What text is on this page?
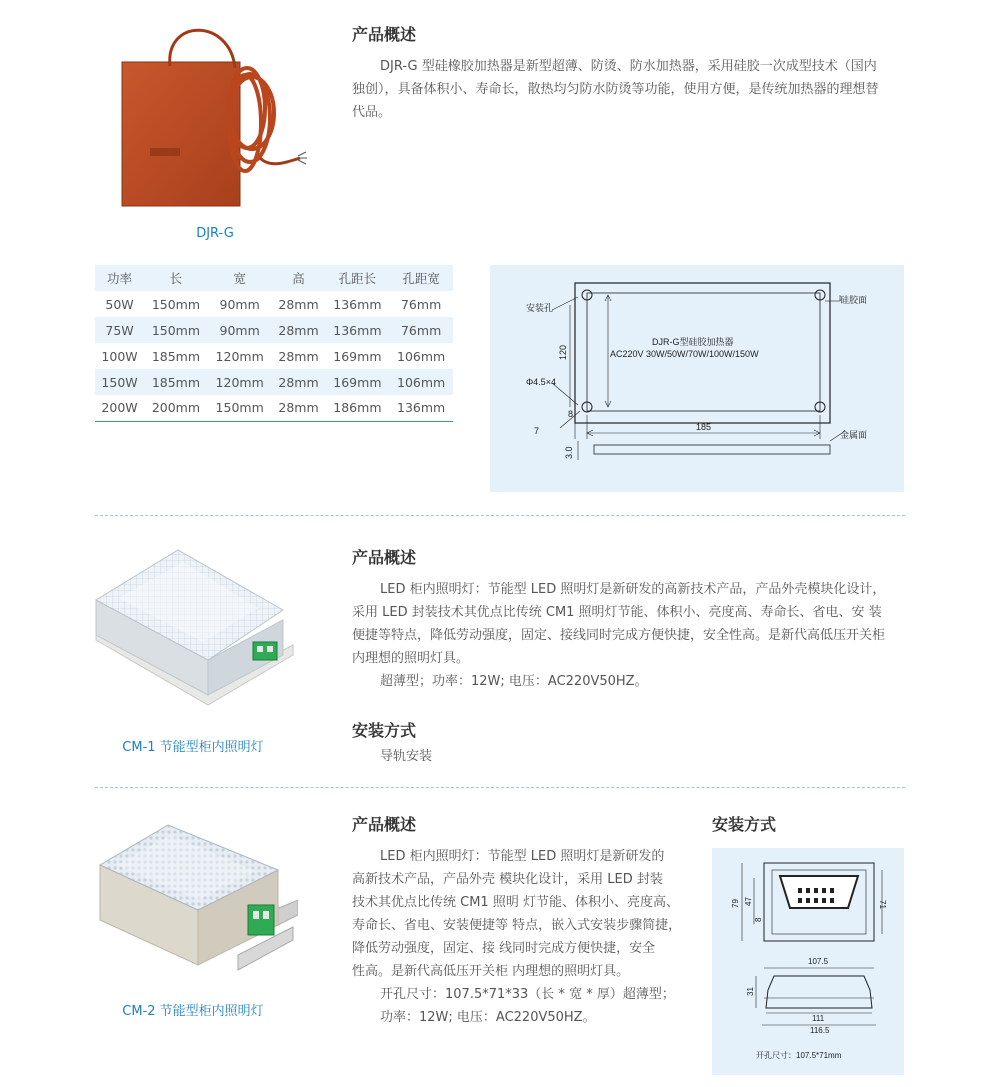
DJR-G
产品概述
DJR-G 型硅橡胶加热器是新型超薄、防烫、防水加热器，采用硅胶一次成型技术（国内
独创），具备体积小、寿命长，散热均匀防水防烫等功能，使用方便，是传统加热器的理想替
代品。
功率	长	宽	高	孔距长	孔距宽
50W	150mm	90mm	28mm	136mm	76mm
75W	150mm	90mm	28mm	136mm	76mm
100W	185mm	120mm	28mm	169mm	106mm
150W	185mm	120mm	28mm	169mm	106mm
200W	200mm	150mm	28mm	186mm	136mm
安装孔
硅胶面
金属面
DJR-G型硅胶加热器
AC220V 30W/50W/70W/100W/150W
Φ4.5×4
120
185
8
7
3.0
CM-1 节能型柜内照明灯
产品概述
LED 柜内照明灯：节能型 LED 照明灯是新研发的高新技术产品，产品外壳模块化设计，
采用 LED 封装技术其优点比传统 CM1 照明灯节能、体积小、亮度高、寿命长、省电、安 装
便捷等特点，降低劳动强度，固定、接线同时完成方便快捷，安全性高。是新代高低压开关柜
内理想的照明灯具。
超薄型；功率：12W; 电压：AC220V50HZ。
安装方式
导轨安装
CM-2 节能型柜内照明灯
产品概述
LED 柜内照明灯：节能型 LED 照明灯是新研发的
高新技术产品，产品外壳 模块化设计，采用 LED 封装
技术其优点比传统 CM1 照明 灯节能、体积小、亮度高、
寿命长、省电、安装便捷等 特点，嵌入式安装步骤简捷，
降低劳动强度，固定、接 线同时完成方便快捷，安全
性高。是新代高低压开关柜 内理想的照明灯具。
开孔尺寸：107.5*71*33（长 * 宽 * 厚）超薄型；
功率：12W; 电压：AC220V50HZ。
安装方式
79 47
8
71
107.5
31
111
116.5
开孔尺寸：107.5*71mm
